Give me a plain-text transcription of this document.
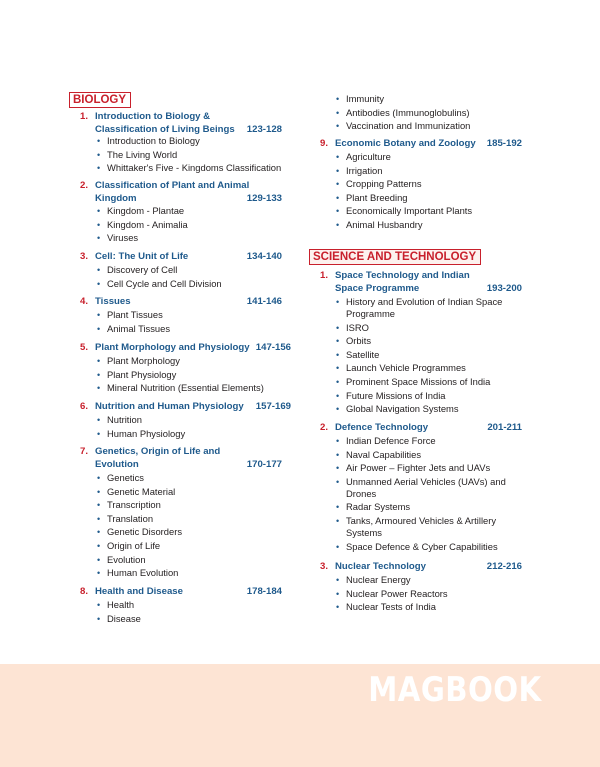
BIOLOGY
1. Introduction to Biology & Classification of Living Beings	123-128
• Introduction to Biology
• The Living World
• Whittaker's Five - Kingdoms Classification
2. Classification of Plant and Animal Kingdom	129-133
• Kingdom - Plantae
• Kingdom - Animalia
• Viruses
3. Cell: The Unit of Life	134-140
• Discovery of Cell
• Cell Cycle and Cell Division
4. Tissues	141-146
• Plant Tissues
• Animal Tissues
5. Plant Morphology and Physiology 147-156
• Plant Morphology
• Plant Physiology
• Mineral Nutrition (Essential Elements)
6. Nutrition and Human Physiology	157-169
• Nutrition
• Human Physiology
7. Genetics, Origin of Life and Evolution	170-177
• Genetics
• Genetic Material
• Transcription
• Translation
• Genetic Disorders
• Origin of Life
• Evolution
• Human Evolution
8. Health and Disease	178-184
• Health
• Disease
• Immunity
• Antibodies (Immunoglobulins)
• Vaccination and Immunization
9. Economic Botany and Zoology	185-192
• Agriculture
• Irrigation
• Cropping Patterns
• Plant Breeding
• Economically Important Plants
• Animal Husbandry
SCIENCE AND TECHNOLOGY
1. Space Technology and Indian Space Programme	193-200
• History and Evolution of Indian Space Programme
• ISRO
• Orbits
• Satellite
• Launch Vehicle Programmes
• Prominent Space Missions of India
• Future Missions of India
• Global Navigation Systems
2. Defence Technology	201-211
• Indian Defence Force
• Naval Capabilities
• Air Power – Fighter Jets and UAVs
• Unmanned Aerial Vehicles (UAVs) and Drones
• Radar Systems
• Tanks, Armoured Vehicles & Artillery Systems
• Space Defence & Cyber Capabilities
3. Nuclear Technology	212-216
• Nuclear Energy
• Nuclear Power Reactors
• Nuclear Tests of India
MAGBOOK
